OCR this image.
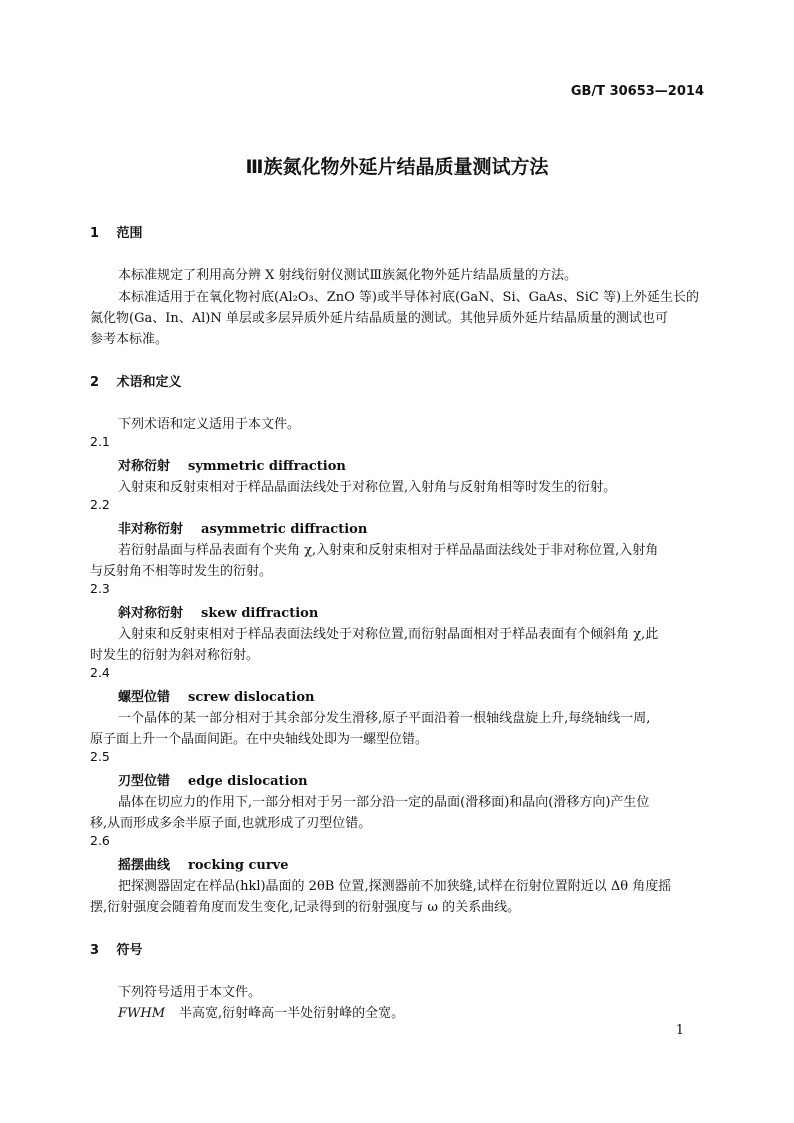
GB/T 30653—2014
Ⅲ族氮化物外延片结晶质量测试方法
1 范围
本标准规定了利用高分辨 X 射线衍射仪测试Ⅲ族氮化物外延片结晶质量的方法。
本标准适用于在氧化物衬底(Al₂O₃、ZnO 等)或半导体衬底(GaN、Si、GaAs、SiC 等)上外延生长的
氮化物(Ga、In、Al)N 单层或多层异质外延片结晶质量的测试。其他异质外延片结晶质量的测试也可
参考本标准。
2 术语和定义
下列术语和定义适用于本文件。
2.1
对称衍射 symmetric diffraction
入射束和反射束相对于样品晶面法线处于对称位置,入射角与反射角相等时发生的衍射。
2.2
非对称衍射 asymmetric diffraction
若衍射晶面与样品表面有个夹角 χ,入射束和反射束相对于样品晶面法线处于非对称位置,入射角
与反射角不相等时发生的衍射。
2.3
斜对称衍射 skew diffraction
入射束和反射束相对于样品表面法线处于对称位置,而衍射晶面相对于样品表面有个倾斜角 χ,此
时发生的衍射为斜对称衍射。
2.4
螺型位错 screw dislocation
一个晶体的某一部分相对于其余部分发生滑移,原子平面沿着一根轴线盘旋上升,每绕轴线一周,
原子面上升一个晶面间距。在中央轴线处即为一螺型位错。
2.5
刃型位错 edge dislocation
晶体在切应力的作用下,一部分相对于另一部分沿一定的晶面(滑移面)和晶向(滑移方向)产生位
移,从而形成多余半原子面,也就形成了刃型位错。
2.6
摇摆曲线 rocking curve
把探测器固定在样品(hkl)晶面的 2θB 位置,探测器前不加狭缝,试样在衍射位置附近以 Δθ 角度摇
摆,衍射强度会随着角度而发生变化,记录得到的衍射强度与 ω 的关系曲线。
3 符号
下列符号适用于本文件。
FWHM 半高宽,衍射峰高一半处衍射峰的全宽。
1
